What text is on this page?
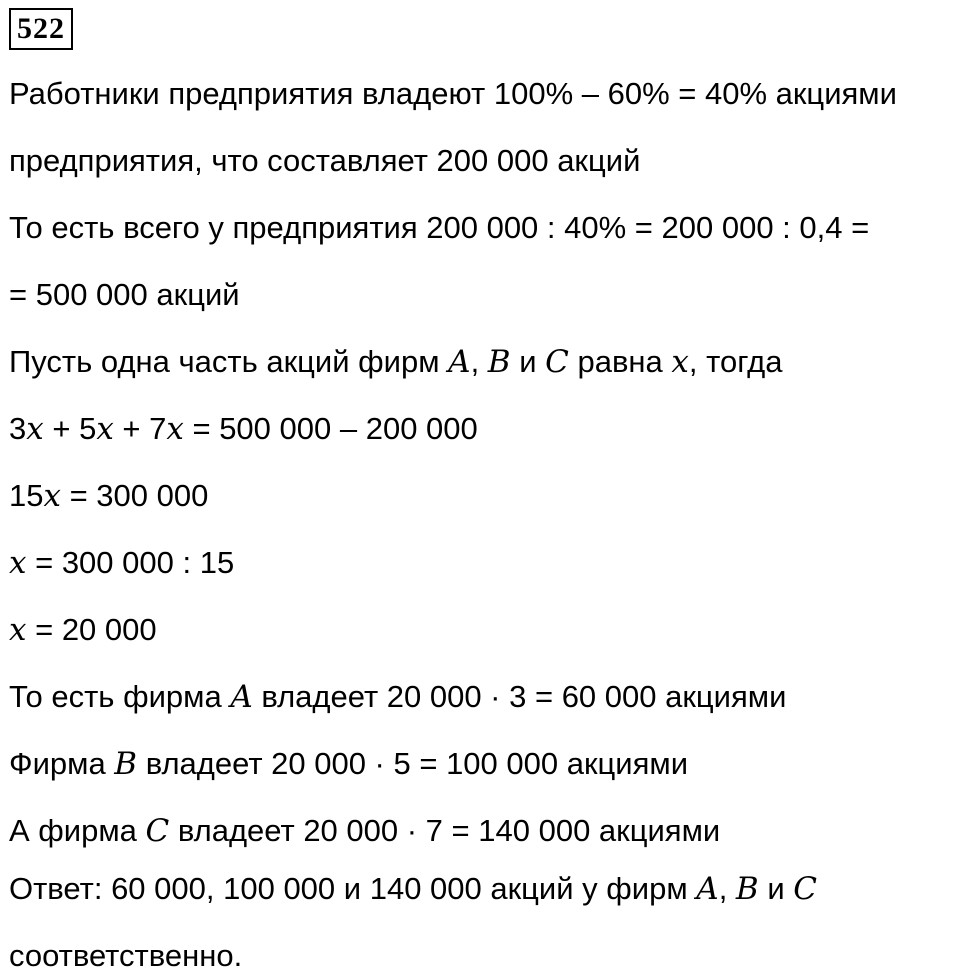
522
Работники предприятия владеют 100% – 60% = 40% акциями
предприятия, что составляет 200 000 акций
То есть всего у предприятия 200 000 : 40% = 200 000 : 0,4 =
= 500 000 акций
Пусть одна часть акций фирм A, B и C равна x, тогда
3x + 5x + 7x = 500 000 – 200 000
15x = 300 000
x = 300 000 : 15
x = 20 000
То есть фирма A владеет 20 000 · 3 = 60 000 акциями
Фирма B владеет 20 000 · 5 = 100 000 акциями
А фирма C владеет 20 000 · 7 = 140 000 акциями
Ответ: 60 000, 100 000 и 140 000 акций у фирм A, B и C
соответственно.
